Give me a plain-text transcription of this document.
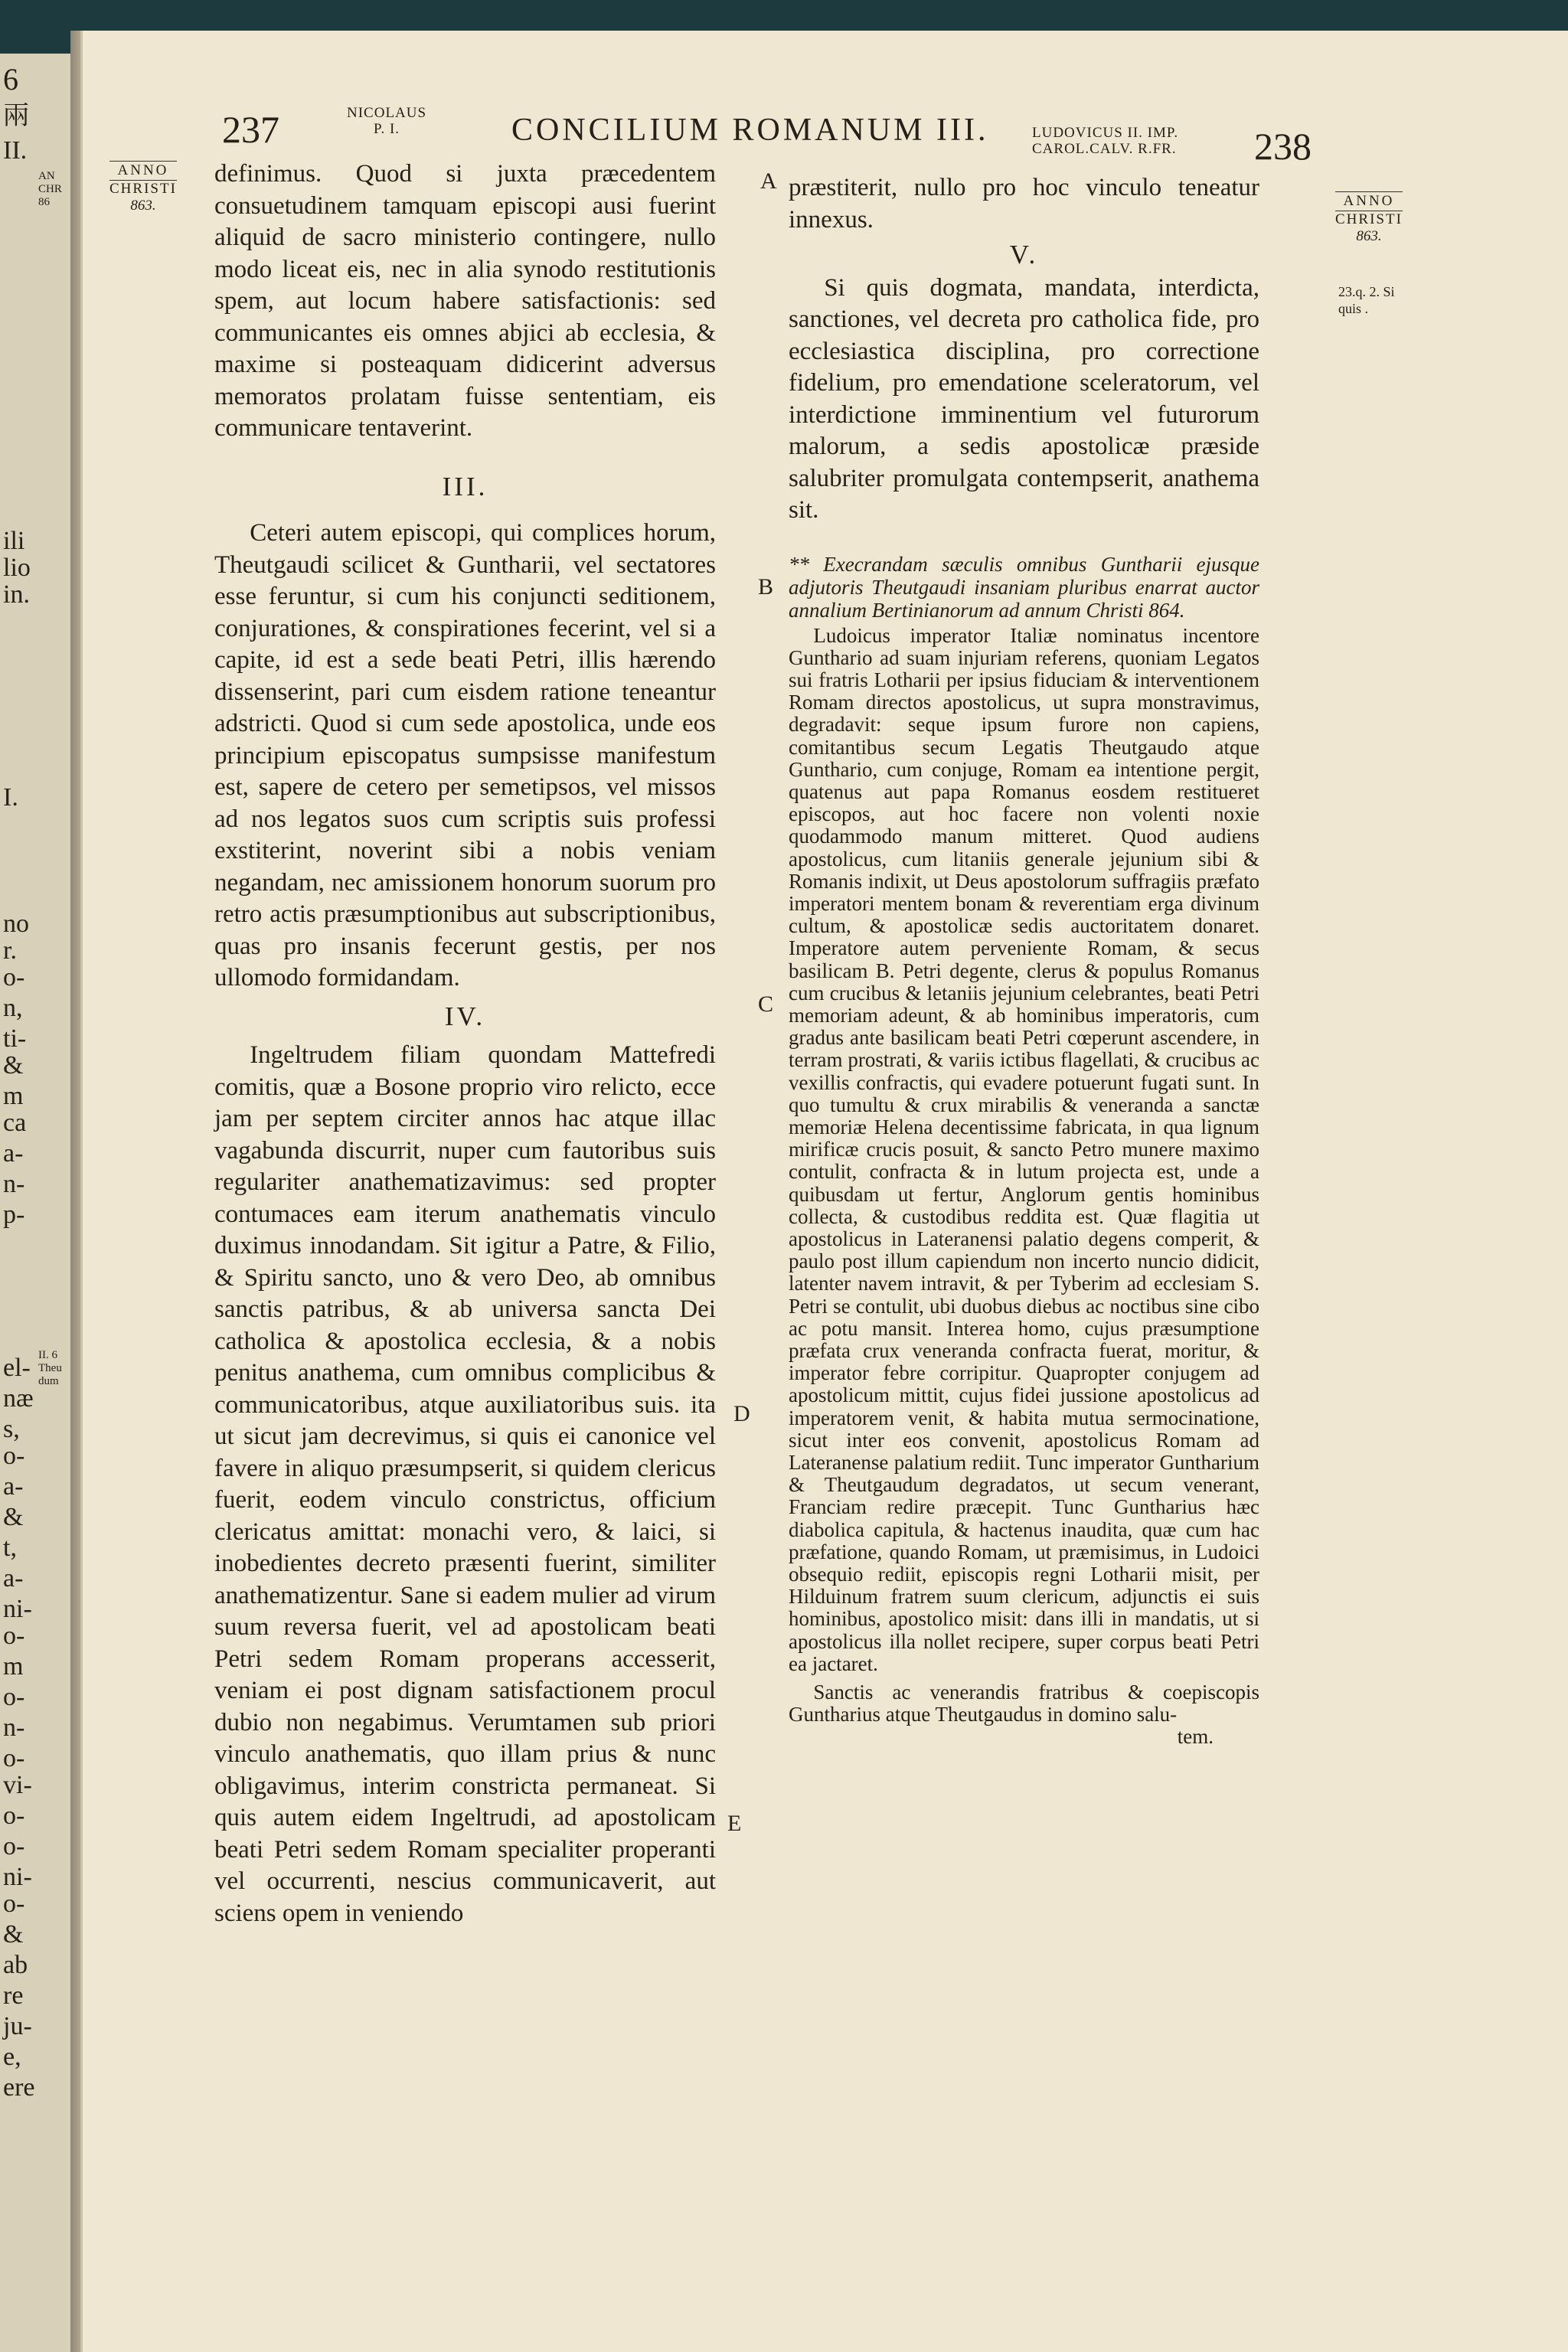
兩
II.
ili
lio
in.
I.
no
r.
o-
n,
ti-
&
m
ca
a-
n-
p-
el-
næ
s,
o-
a-
&
t,
a-
ni-
o-
m
o-
n-
o-
vi-
o-
o-
ni-
o-
&
ab
re
ju-
e,
ere
AN
CHR
86
II. 6
Theu
dum
6
237	NICOLAUS
P. I.	CONCILIUM ROMANUM III.	LUDOVICUS II. IMP.
CAROL.CALV. R.FR. 238
ANNO
CHRISTI
863.	ANNO
CHRISTI
863.
23.q. 2. Si
quis .
A
B
C
D
E

definimus. Quod si juxta præcedentem consuetudinem tamquam episcopi ausi fuerint aliquid de sacro ministerio contingere, nullo modo liceat eis, nec in alia synodo restitutionis spem, aut locum habere satisfactionis: sed communicantes eis omnes abjici ab ecclesia, & maxime si posteaquam didicerint adversus memoratos prolatam fuisse sententiam, eis communicare tentaverint.

III.

Ceteri autem episcopi, qui complices horum, Theutgaudi scilicet & Guntharii, vel sectatores esse feruntur, si cum his conjuncti seditionem, conjurationes, & conspirationes fecerint, vel si a capite, id est a sede beati Petri, illis hærendo dissenserint, pari cum eisdem ratione teneantur adstricti. Quod si cum sede apostolica, unde eos principium episcopatus sumpsisse manifestum est, sapere de cetero per semetipsos, vel missos ad nos legatos suos cum scriptis suis professi exstiterint, noverint sibi a nobis veniam negandam, nec amissionem honorum suorum pro retro actis præsumptionibus aut subscriptionibus, quas pro insanis fecerunt gestis, per nos ullomodo formidandam.

IV.

Ingeltrudem filiam quondam Mattefredi comitis, quæ a Bosone proprio viro relicto, ecce jam per septem circiter annos hac atque illac vagabunda discurrit, nuper cum fautoribus suis regulariter anathematizavimus: sed propter contumaces eam iterum anathematis vinculo duximus innodandam. Sit igitur a Patre, & Filio, & Spiritu sancto, uno & vero Deo, ab omnibus sanctis patribus, & ab universa sancta Dei catholica & apostolica ecclesia, & a nobis penitus anathema, cum omnibus complicibus & communicatoribus, atque auxiliatoribus suis. ita ut sicut jam decrevimus, si quis ei canonice vel favere in aliquo præsumpserit, si quidem clericus fuerit, eodem vinculo constrictus, officium clericatus amittat: monachi vero, & laici, si inobedientes decreto præsenti fuerint, similiter anathematizentur. Sane si eadem mulier ad virum suum reversa fuerit, vel ad apostolicam beati Petri sedem Romam properans accesserit, veniam ei post dignam satisfactionem procul dubio non negabimus. Verumtamen sub priori vinculo anathematis, quo illam prius & nunc obligavimus, interim constricta permaneat. Si quis autem eidem Ingeltrudi, ad apostolicam beati Petri sedem Romam specialiter properanti vel occurrenti, nescius communicaverit, aut sciens opem in veniendo

præstiterit, nullo pro hoc vinculo teneatur innexus.

V.

Si quis dogmata, mandata, interdicta, sanctiones, vel decreta pro catholica fide, pro ecclesiastica disciplina, pro correctione fidelium, pro emendatione sceleratorum, vel interdictione imminentium vel futurorum malorum, a sedis apostolicæ præside salubriter promulgata contempserit, anathema sit.

** Execrandam sæculis omnibus Guntharii ejusque adjutoris Theutgaudi insaniam pluribus enarrat auctor annalium Bertinianorum ad annum Christi 864.

Ludoicus imperator Italiæ nominatus incentore Gunthario ad suam injuriam referens, quoniam Legatos sui fratris Lotharii per ipsius fiduciam & interventionem Romam directos apostolicus, ut supra monstravimus, degradavit: seque ipsum furore non capiens, comitantibus secum Legatis Theutgaudo atque Gunthario, cum conjuge, Romam ea intentione pergit, quatenus aut papa Romanus eosdem restitueret episcopos, aut hoc facere non volenti noxie quodammodo manum mitteret. Quod audiens apostolicus, cum litaniis generale jejunium sibi & Romanis indixit, ut Deus apostolorum suffragiis præfato imperatori mentem bonam & reverentiam erga divinum cultum, & apostolicæ sedis auctoritatem donaret. Imperatore autem perveniente Romam, & secus basilicam B. Petri degente, clerus & populus Romanus cum crucibus & letaniis jejunium celebrantes, beati Petri memoriam adeunt, & ab hominibus imperatoris, cum gradus ante basilicam beati Petri cœperunt ascendere, in terram prostrati, & variis ictibus flagellati, & crucibus ac vexillis confractis, qui evadere potuerunt fugati sunt. In quo tumultu & crux mirabilis & veneranda a sanctæ memoriæ Helena decentissime fabricata, in qua lignum mirificæ crucis posuit, & sancto Petro munere maximo contulit, confracta & in lutum projecta est, unde a quibusdam ut fertur, Anglorum gentis hominibus collecta, & custodibus reddita est. Quæ flagitia ut apostolicus in Lateranensi palatio degens comperit, & paulo post illum capiendum non incerto nuncio didicit, latenter navem intravit, & per Tyberim ad ecclesiam S. Petri se contulit, ubi duobus diebus ac noctibus sine cibo ac potu mansit. Interea homo, cujus præsumptione præfata crux veneranda confracta fuerat, moritur, & imperator febre corripitur. Quapropter conjugem ad apostolicum mittit, cujus fidei jussione apostolicus ad imperatorem venit, & habita mutua sermocinatione, sicut inter eos convenit, apostolicus Romam ad Lateranense palatium rediit. Tunc imperator Guntharium & Theutgaudum degradatos, ut secum venerant, Franciam redire præcepit. Tunc Guntharius hæc diabolica capitula, & hactenus inaudita, quæ cum hac præfatione, quando Romam, ut præmisimus, in Ludoici obsequio rediit, episcopis regni Lotharii misit, per Hilduinum fratrem suum clericum, adjunctis ei suis hominibus, apostolico misit: dans illi in mandatis, ut si apostolicus illa nollet recipere, super corpus beati Petri ea jactaret.

Sanctis ac venerandis fratribus & coepiscopis Guntharius atque Theutgaudus in domino salu-

tem.
